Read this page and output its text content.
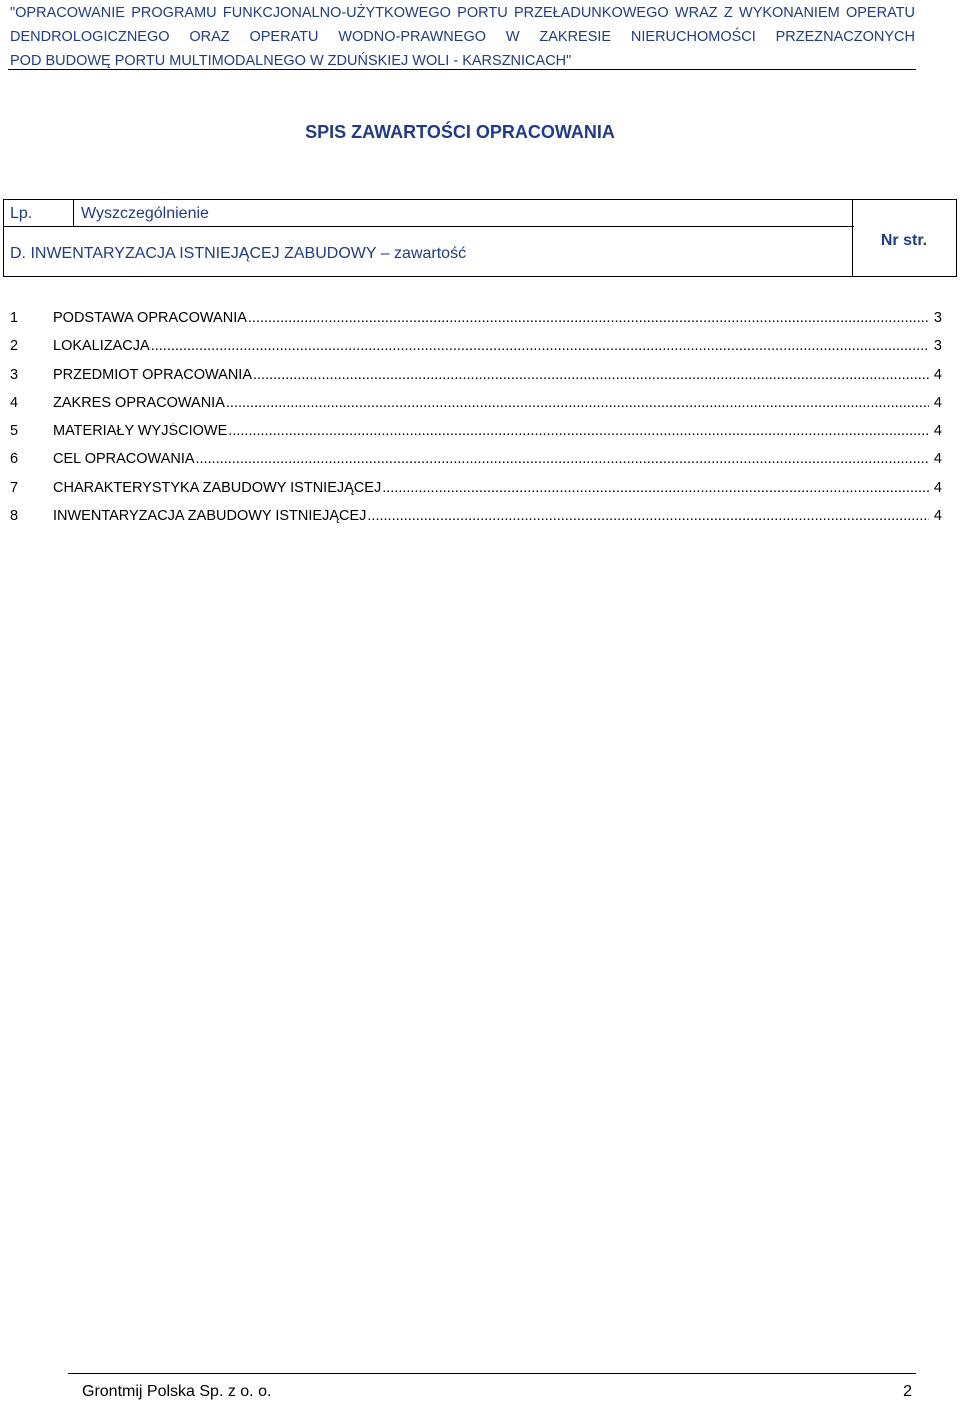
"OPRACOWANIE PROGRAMU FUNKCJONALNO-UŻYTKOWEGO PORTU PRZEŁADUNKOWEGO WRAZ Z WYKONANIEM OPERATU
DENDROLOGICZNEGO ORAZ OPERATU WODNO-PRAWNEGO W ZAKRESIE NIERUCHOMOŚCI PRZEZNACZONYCH
POD BUDOWĘ PORTU MULTIMODALNEGO W ZDUŃSKIEJ WOLI - KARSZNICACH"
SPIS ZAWARTOŚCI OPRACOWANIA
Lp.	Wyszczególnienie
D. INWENTARYZACJA ISTNIEJĄCEJ ZABUDOWY – zawartość
Nr str.
1 PODSTAWA OPRACOWANIA .....	3
2 LOKALIZACJA .....	3
3 PRZEDMIOT OPRACOWANIA .....	4
4 ZAKRES OPRACOWANIA .....	4
5 MATERIAŁY WYJŚCIOWE .....	4
6 CEL OPRACOWANIA .....	4
7 CHARAKTERYSTYKA ZABUDOWY ISTNIEJĄCEJ .....	4
8 INWENTARYZACJA ZABUDOWY ISTNIEJĄCEJ .....	4
Grontmij Polska Sp. z o. o.	2
